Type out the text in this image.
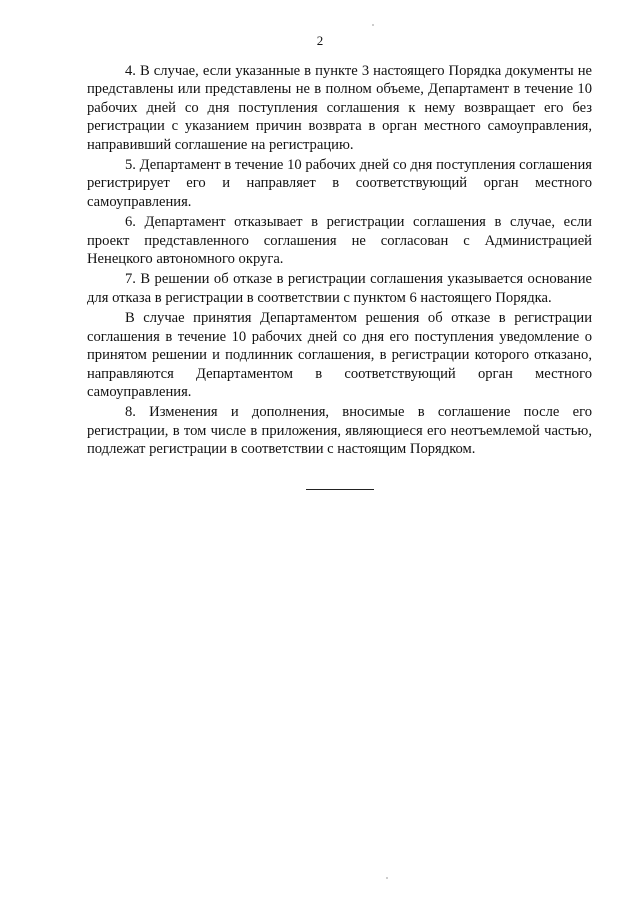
2

4. В случае, если указанные в пункте 3 настоящего Порядка документы не представлены или представлены не в полном объеме, Департамент в течение 10 рабочих дней со дня поступления соглашения к нему возвращает его без регистрации с указанием причин возврата в орган местного самоуправления, направивший соглашение на регистрацию.

5. Департамент в течение 10 рабочих дней со дня поступления соглашения регистрирует его и направляет в соответствующий орган местного самоуправления.

6. Департамент отказывает в регистрации соглашения в случае, если проект представленного соглашения не согласован с Администрацией Ненецкого автономного округа.

7. В решении об отказе в регистрации соглашения указывается основание для отказа в регистрации в соответствии с пунктом 6 настоящего Порядка.

В случае принятия Департаментом решения об отказе в регистрации соглашения в течение 10 рабочих дней со дня его поступления уведомление о принятом решении и подлинник соглашения, в регистрации которого отказано, направляются Департаментом в соответствующий орган местного самоуправления.

8. Изменения и дополнения, вносимые в соглашение после его регистрации, в том числе в приложения, являющиеся его неотъемлемой частью, подлежат регистрации в соответствии с настоящим Порядком.
